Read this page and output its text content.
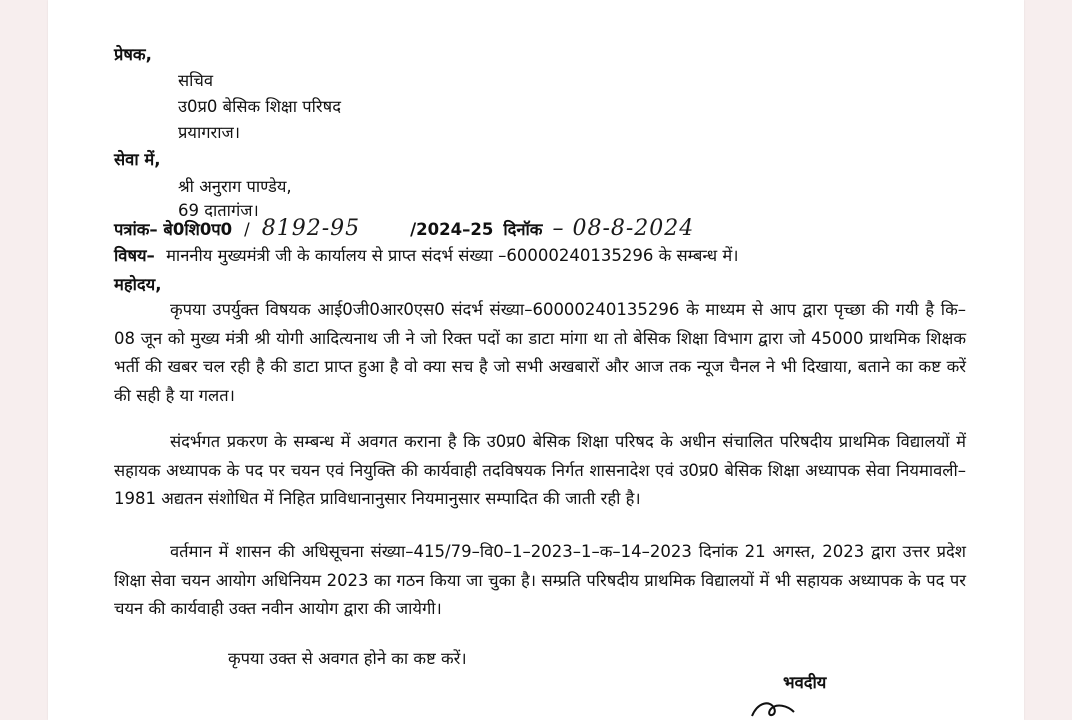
प्रेषक,
सचिव
उ0प्र0 बेसिक शिक्षा परिषद
प्रयागराज।
सेवा में,
श्री अनुराग पाण्डेय,
69 दातागंज।
पत्रांक– बे0शि0प0 / 8192-95	/2024–25 दिनॉक – 08-8-2024
विषय– माननीय मुख्यमंत्री जी के कार्यालय से प्राप्त संदर्भ संख्या –60000240135296 के सम्बन्ध में।
महोदय,
कृपया उपर्युक्त विषयक आई0जी0आर0एस0 संदर्भ संख्या–60000240135296 के माध्यम से आप द्वारा पृच्छा की गयी है कि– 08 जून को मुख्य मंत्री श्री योगी आदित्यनाथ जी ने जो रिक्त पदों का डाटा मांगा था तो बेसिक शिक्षा विभाग द्वारा जो 45000 प्राथमिक शिक्षक भर्ती की खबर चल रही है की डाटा प्राप्त हुआ है वो क्या सच है जो सभी अखबारों और आज तक न्यूज चैनल ने भी दिखाया, बताने का कष्ट करें की सही है या गलत।
संदर्भगत प्रकरण के सम्बन्ध में अवगत कराना है कि उ0प्र0 बेसिक शिक्षा परिषद के अधीन संचालित परिषदीय प्राथमिक विद्यालयों में सहायक अध्यापक के पद पर चयन एवं नियुक्ति की कार्यवाही तदविषयक निर्गत शासनादेश एवं उ0प्र0 बेसिक शिक्षा अध्यापक सेवा नियमावली–1981 अद्यतन संशोधित में निहित प्राविधानानुसार नियमानुसार सम्पादित की जाती रही है।
वर्तमान में शासन की अधिसूचना संख्या–415/79–वि0–1–2023–1–क–14–2023 दिनांक 21 अगस्त, 2023 द्वारा उत्तर प्रदेश शिक्षा सेवा चयन आयोग अधिनियम 2023 का गठन किया जा चुका है। सम्प्रति परिषदीय प्राथमिक विद्यालयों में भी सहायक अध्यापक के पद पर चयन की कार्यवाही उक्त नवीन आयोग द्वारा की जायेगी।
कृपया उक्त से अवगत होने का कष्ट करें।
भवदीय
